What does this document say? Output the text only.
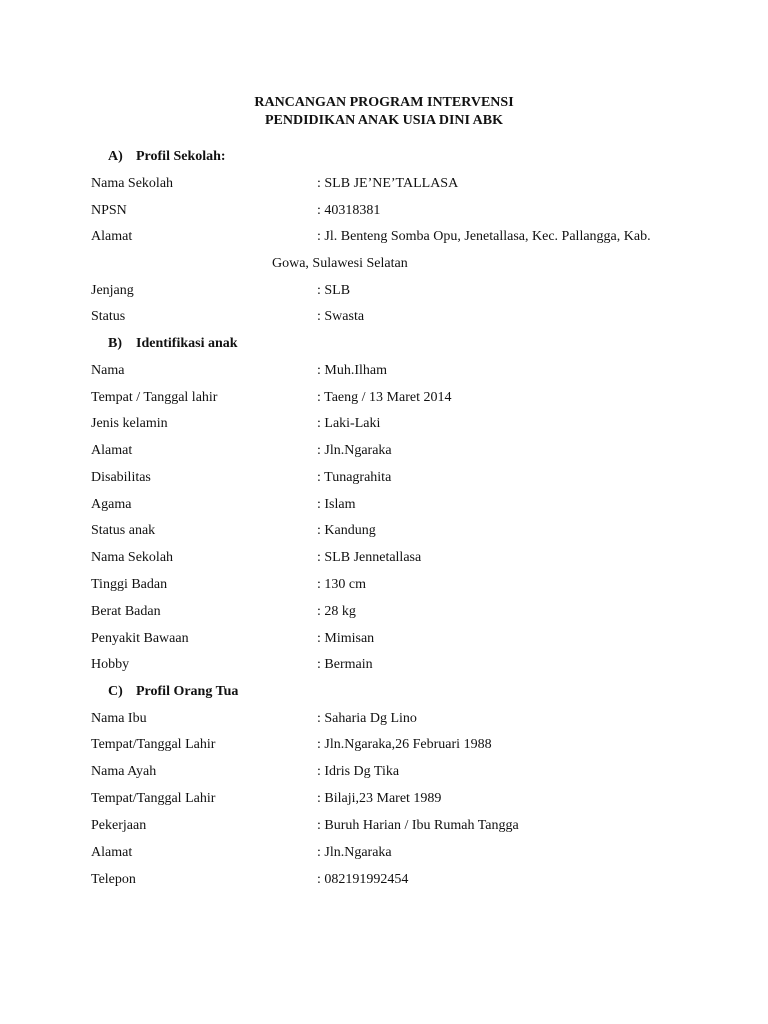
RANCANGAN PROGRAM INTERVENSI
PENDIDIKAN ANAK USIA DINI ABK
A) Profil Sekolah:
Nama Sekolah	: SLB JE’NE’TALLASA
NPSN	: 40318381
Alamat	: Jl. Benteng Somba Opu, Jenetallasa, Kec. Pallangga, Kab.
Gowa, Sulawesi Selatan
Jenjang	: SLB
Status	: Swasta
B) Identifikasi anak
Nama	: Muh.Ilham
Tempat / Tanggal lahir	: Taeng / 13 Maret 2014
Jenis kelamin	: Laki-Laki
Alamat	: Jln.Ngaraka
Disabilitas	: Tunagrahita
Agama	: Islam
Status anak	: Kandung
Nama Sekolah	: SLB Jennetallasa
Tinggi Badan	: 130 cm
Berat Badan	: 28 kg
Penyakit Bawaan	: Mimisan
Hobby	: Bermain
C) Profil Orang Tua
Nama Ibu	: Saharia Dg Lino
Tempat/Tanggal Lahir	: Jln.Ngaraka,26 Februari 1988
Nama Ayah	: Idris Dg Tika
Tempat/Tanggal Lahir	: Bilaji,23 Maret 1989
Pekerjaan	: Buruh Harian / Ibu Rumah Tangga
Alamat	: Jln.Ngaraka
Telepon	: 082191992454
